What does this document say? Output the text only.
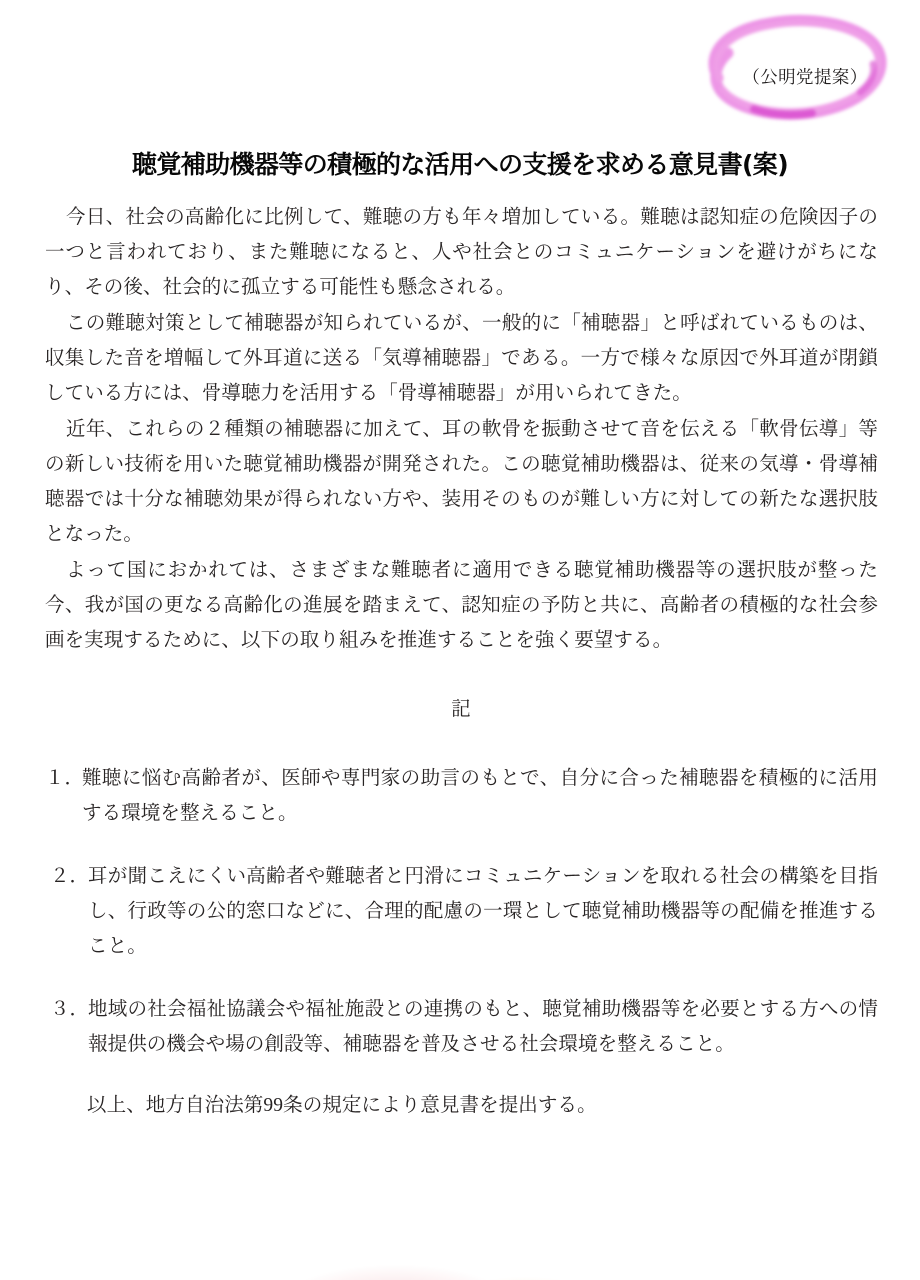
（公明党提案）
聴覚補助機器等の積極的な活用への支援を求める意見書(案)

今日、社会の高齢化に比例して、難聴の方も年々増加している。難聴は認知症の危険因子の一つと言われており、また難聴になると、人や社会とのコミュニケーションを避けがちになり、その後、社会的に孤立する可能性も懸念される。

この難聴対策として補聴器が知られているが、一般的に「補聴器」と呼ばれているものは、収集した音を増幅して外耳道に送る「気導補聴器」である。一方で様々な原因で外耳道が閉鎖している方には、骨導聴力を活用する「骨導補聴器」が用いられてきた。

近年、これらの２種類の補聴器に加えて、耳の軟骨を振動させて音を伝える「軟骨伝導」等の新しい技術を用いた聴覚補助機器が開発された。この聴覚補助機器は、従来の気導・骨導補聴器では十分な補聴効果が得られない方や、装用そのものが難しい方に対しての新たな選択肢となった。

よって国におかれては、さまざまな難聴者に適用できる聴覚補助機器等の選択肢が整った今、我が国の更なる高齢化の進展を踏まえて、認知症の予防と共に、高齢者の積極的な社会参画を実現するために、以下の取り組みを推進することを強く要望する。

記
１．
難聴に悩む高齢者が、医師や専門家の助言のもとで、自分に合った補聴器を積極的に活用する環境を整えること。
２．
耳が聞こえにくい高齢者や難聴者と円滑にコミュニケーションを取れる社会の構築を目指し、行政等の公的窓口などに、合理的配慮の一環として聴覚補助機器等の配備を推進すること。
３．
地域の社会福祉協議会や福祉施設との連携のもと、聴覚補助機器等を必要とする方への情報提供の機会や場の創設等、補聴器を普及させる社会環境を整えること。

以上、地方自治法第99条の規定により意見書を提出する。
